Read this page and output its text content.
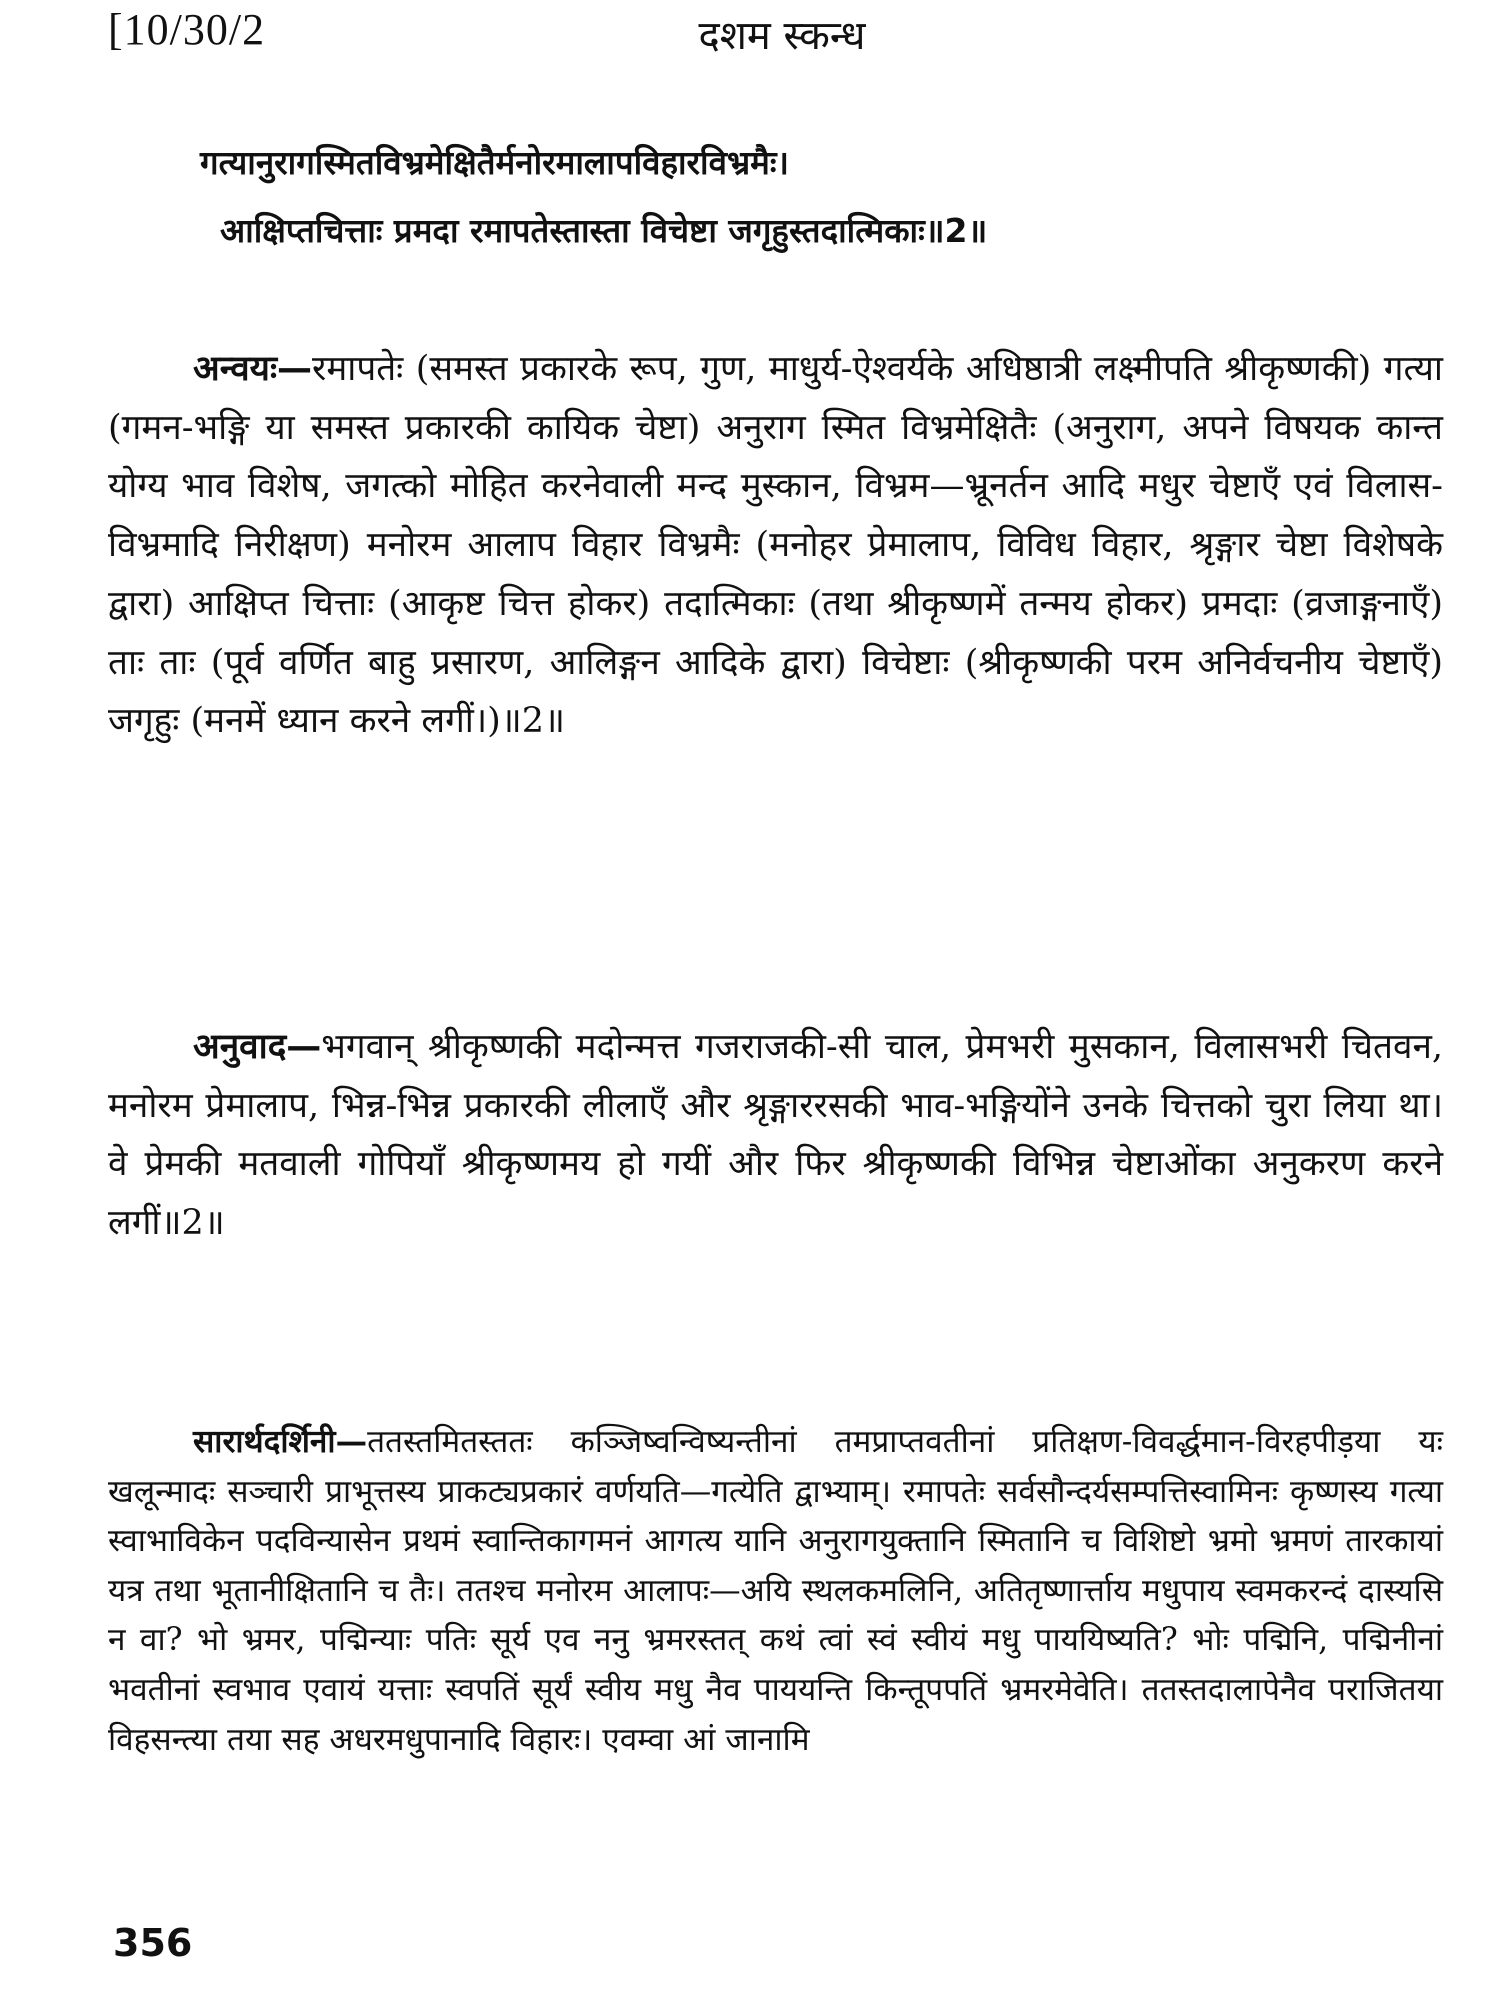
[10/30/2	दशम स्कन्ध
गत्यानुरागस्मितविभ्रमेक्षितैर्मनोरमालापविहारविभ्रमैः।
आक्षिप्तचित्ताः प्रमदा रमापतेस्तास्ता विचेष्टा जगृहुस्तदात्मिकाः॥2॥
अन्वयः—रमापतेः (समस्त प्रकारके रूप, गुण, माधुर्य-ऐश्वर्यके अधिष्ठात्री लक्ष्मीपति श्रीकृष्णकी) गत्या (गमन-भङ्गि या समस्त प्रकारकी कायिक चेष्टा) अनुराग स्मित विभ्रमेक्षितैः (अनुराग, अपने विषयक कान्त योग्य भाव विशेष, जगत्को मोहित करनेवाली मन्द मुस्कान, विभ्रम—भ्रूनर्तन आदि मधुर चेष्टाएँ एवं विलास-विभ्रमादि निरीक्षण) मनोरम आलाप विहार विभ्रमैः (मनोहर प्रेमालाप, विविध विहार, श्रृङ्गार चेष्टा विशेषके द्वारा) आक्षिप्त चित्ताः (आकृष्ट चित्त होकर) तदात्मिकाः (तथा श्रीकृष्णमें तन्मय होकर) प्रमदाः (व्रजाङ्गनाएँ) ताः ताः (पूर्व वर्णित बाहु प्रसारण, आलिङ्गन आदिके द्वारा) विचेष्टाः (श्रीकृष्णकी परम अनिर्वचनीय चेष्टाएँ) जगृहुः (मनमें ध्यान करने लगीं।)॥2॥
अनुवाद—भगवान् श्रीकृष्णकी मदोन्मत्त गजराजकी-सी चाल, प्रेमभरी मुसकान, विलासभरी चितवन, मनोरम प्रेमालाप, भिन्न-भिन्न प्रकारकी लीलाएँ और श्रृङ्गाररसकी भाव-भङ्गियोंने उनके चित्तको चुरा लिया था। वे प्रेमकी मतवाली गोपियाँ श्रीकृष्णमय हो गयीं और फिर श्रीकृष्णकी विभिन्न चेष्टाओंका अनुकरण करने लगीं॥2॥
सारार्थदर्शिनी—ततस्तमितस्ततः कञ्जिष्वन्विष्यन्तीनां तमप्राप्तवतीनां प्रतिक्षण-विवर्द्धमान-विरहपीड़या यः खलून्मादः सञ्चारी प्राभूत्तस्य प्राकट्यप्रकारं वर्णयति—गत्येति द्वाभ्याम्। रमापतेः सर्वसौन्दर्यसम्पत्तिस्वामिनः कृष्णस्य गत्या स्वाभाविकेन पदविन्यासेन प्रथमं स्वान्तिकागमनं आगत्य यानि अनुरागयुक्तानि स्मितानि च विशिष्टो भ्रमो भ्रमणं तारकायां यत्र तथा भूतानीक्षितानि च तैः। ततश्च मनोरम आलापः—अयि स्थलकमलिनि, अतितृष्णार्त्ताय मधुपाय स्वमकरन्दं दास्यसि न वा? भो भ्रमर, पद्मिन्याः पतिः सूर्य एव ननु भ्रमरस्तत् कथं त्वां स्वं स्वीयं मधु पाययिष्यति? भोः पद्मिनि, पद्मिनीनां भवतीनां स्वभाव एवायं यत्ताः स्वपतिं सूर्यं स्वीय मधु नैव पाययन्ति किन्तूपपतिं भ्रमरमेवेति। ततस्तदालापेनैव पराजितया विहसन्त्या तया सह अधरमधुपानादि विहारः। एवम्वा आं जानामि
356
